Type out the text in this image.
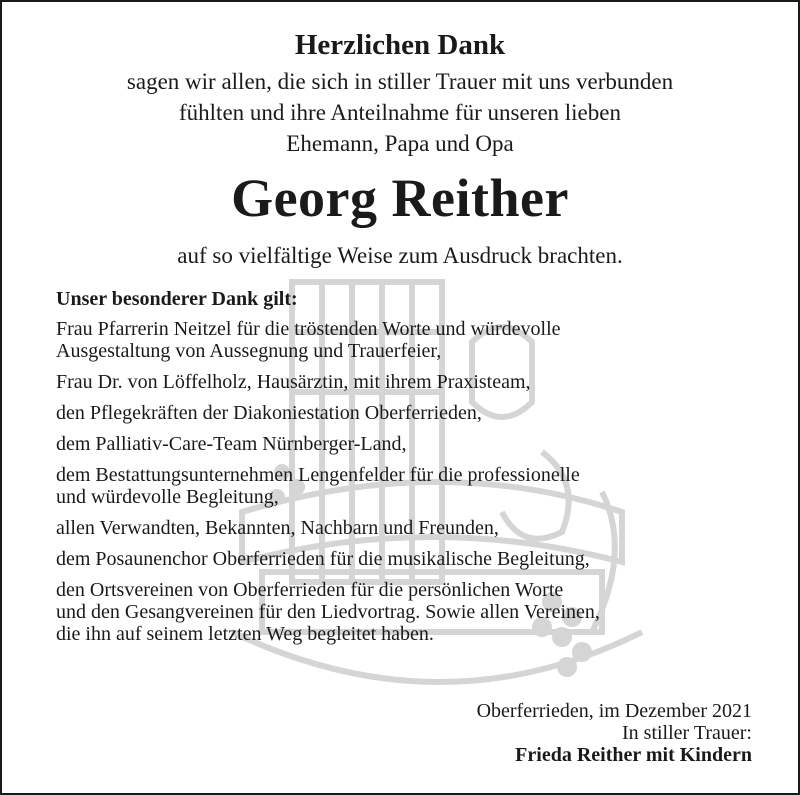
Herzlichen Dank
sagen wir allen, die sich in stiller Trauer mit uns verbunden
fühlten und ihre Anteilnahme für unseren lieben
Ehemann, Papa und Opa
Georg Reither
auf so vielfältige Weise zum Ausdruck brachten.
Unser besonderer Dank gilt:
Frau Pfarrerin Neitzel für die tröstenden Worte und würdevolle
Ausgestaltung von Aussegnung und Trauerfeier,
Frau Dr. von Löffelholz, Hausärztin, mit ihrem Praxisteam,
den Pflegekräften der Diakoniestation Oberferrieden,
dem Palliativ-Care-Team Nürnberger-Land,
dem Bestattungsunternehmen Lengenfelder für die professionelle
und würdevolle Begleitung,
allen Verwandten, Bekannten, Nachbarn und Freunden,
dem Posaunenchor Oberferrieden für die musikalische Begleitung,
den Ortsvereinen von Oberferrieden für die persönlichen Worte
und den Gesangvereinen für den Liedvortrag. Sowie allen Vereinen,
die ihn auf seinem letzten Weg begleitet haben.
Oberferrieden, im Dezember 2021
In stiller Trauer:
Frieda Reither mit Kindern
